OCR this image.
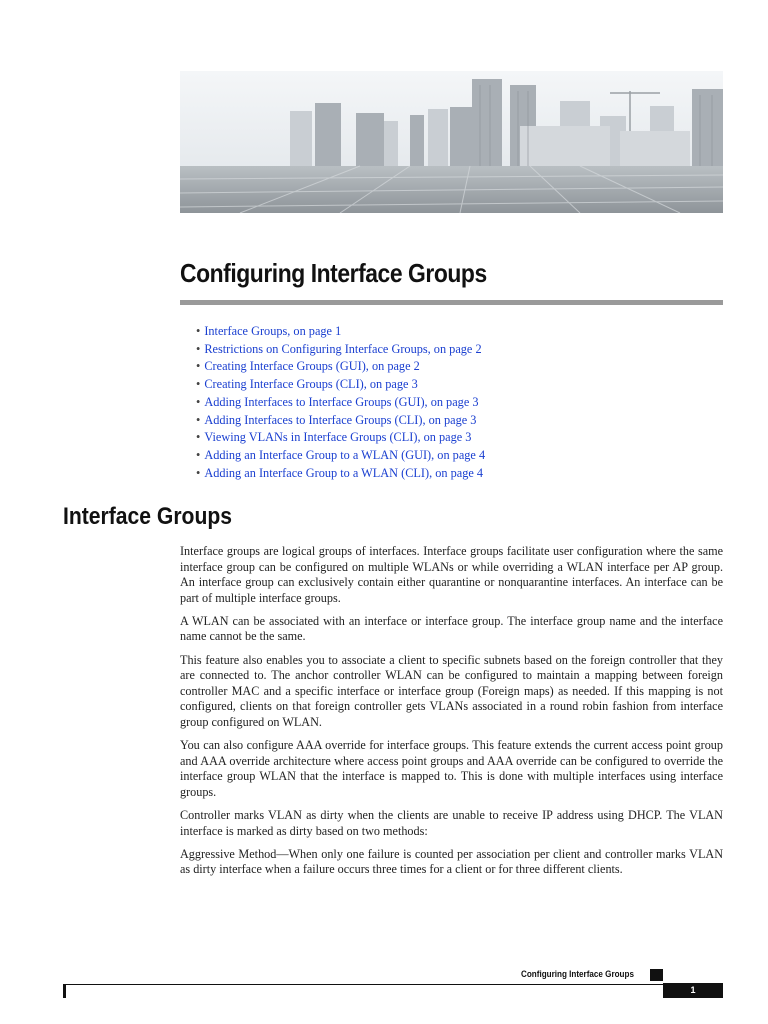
Configuring Interface Groups
• Interface Groups, on page 1
• Restrictions on Configuring Interface Groups, on page 2
• Creating Interface Groups (GUI), on page 2
• Creating Interface Groups (CLI), on page 3
• Adding Interfaces to Interface Groups (GUI), on page 3
• Adding Interfaces to Interface Groups (CLI), on page 3
• Viewing VLANs in Interface Groups (CLI), on page 3
• Adding an Interface Group to a WLAN (GUI), on page 4
• Adding an Interface Group to a WLAN (CLI), on page 4
Interface Groups

Interface groups are logical groups of interfaces. Interface groups facilitate user configuration where the same interface group can be configured on multiple WLANs or while overriding a WLAN interface per AP group. An interface group can exclusively contain either quarantine or nonquarantine interfaces. An interface can be part of multiple interface groups.

A WLAN can be associated with an interface or interface group. The interface group name and the interface name cannot be the same.

This feature also enables you to associate a client to specific subnets based on the foreign controller that they are connected to. The anchor controller WLAN can be configured to maintain a mapping between foreign controller MAC and a specific interface or interface group (Foreign maps) as needed. If this mapping is not configured, clients on that foreign controller gets VLANs associated in a round robin fashion from interface group configured on WLAN.

You can also configure AAA override for interface groups. This feature extends the current access point group and AAA override architecture where access point groups and AAA override can be configured to override the interface group WLAN that the interface is mapped to. This is done with multiple interfaces using interface groups.

Controller marks VLAN as dirty when the clients are unable to receive IP address using DHCP. The VLAN interface is marked as dirty based on two methods:

Aggressive Method—When only one failure is counted per association per client and controller marks VLAN as dirty interface when a failure occurs three times for a client or for three different clients.

Configuring Interface Groups
1
